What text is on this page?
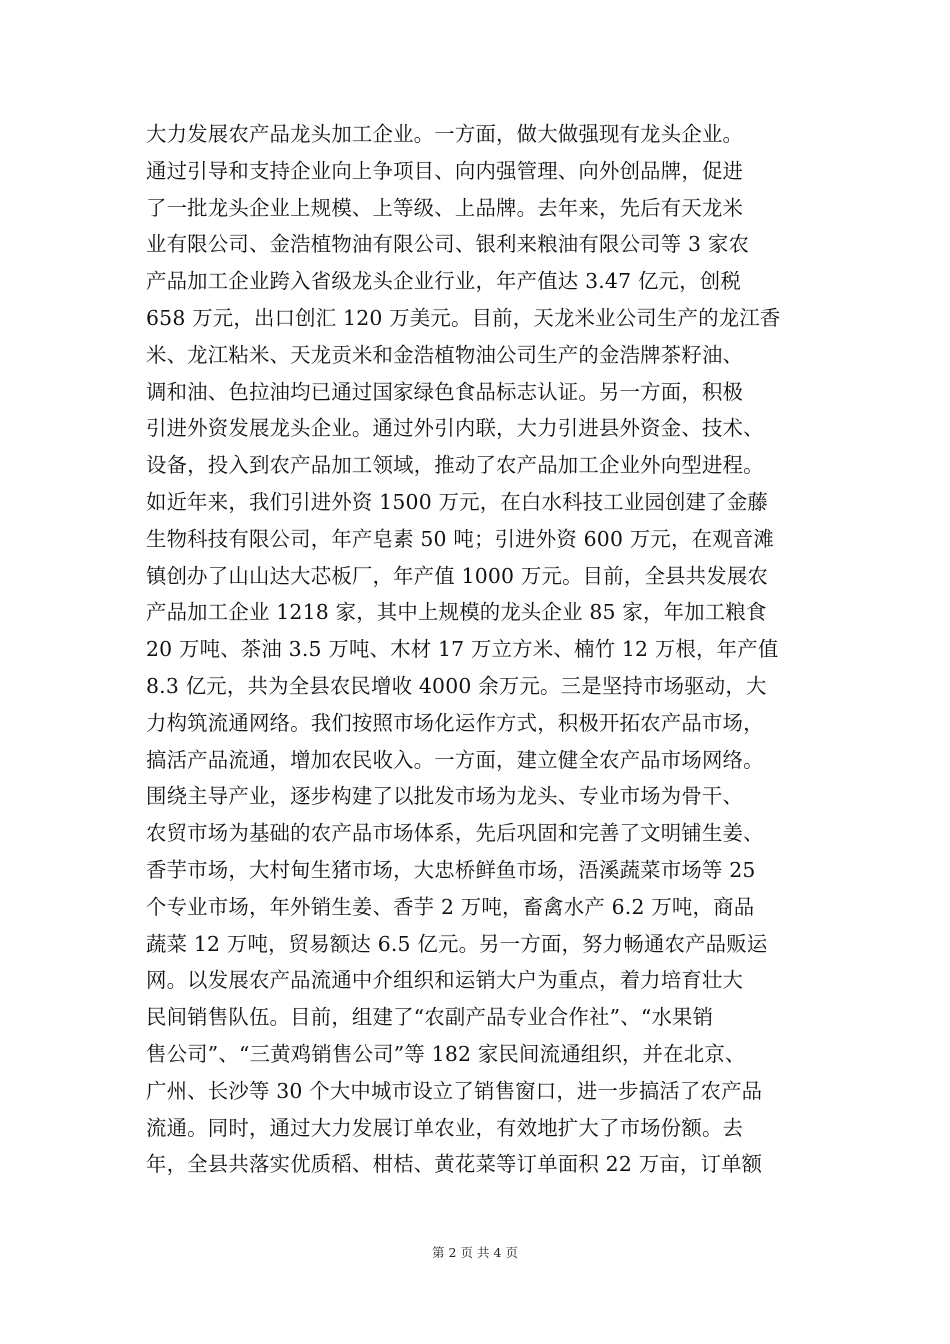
大力发展农产品龙头加工企业。一方面，做大做强现有龙头企业。
通过引导和支持企业向上争项目、向内强管理、向外创品牌，促进
了一批龙头企业上规模、上等级、上品牌。去年来，先后有天龙米
业有限公司、金浩植物油有限公司、银利来粮油有限公司等 3 家农
产品加工企业跨入省级龙头企业行业，年产值达 3.47 亿元，创税
658 万元，出口创汇 120 万美元。目前，天龙米业公司生产的龙江香
米、龙江粘米、天龙贡米和金浩植物油公司生产的金浩牌茶籽油、
调和油、色拉油均已通过国家绿色食品标志认证。另一方面，积极
引进外资发展龙头企业。通过外引内联，大力引进县外资金、技术、
设备，投入到农产品加工领域，推动了农产品加工企业外向型进程。
如近年来，我们引进外资 1500 万元，在白水科技工业园创建了金藤
生物科技有限公司，年产皂素 50 吨；引进外资 600 万元，在观音滩
镇创办了山山达大芯板厂，年产值 1000 万元。目前，全县共发展农
产品加工企业 1218 家，其中上规模的龙头企业 85 家，年加工粮食
20 万吨、茶油 3.5 万吨、木材 17 万立方米、楠竹 12 万根，年产值
8.3 亿元，共为全县农民增收 4000 余万元。三是坚持市场驱动，大
力构筑流通网络。我们按照市场化运作方式，积极开拓农产品市场，
搞活产品流通，增加农民收入。一方面，建立健全农产品市场网络。
围绕主导产业，逐步构建了以批发市场为龙头、专业市场为骨干、
农贸市场为基础的农产品市场体系，先后巩固和完善了文明铺生姜、
香芋市场，大村甸生猪市场，大忠桥鲜鱼市场，浯溪蔬菜市场等 25
个专业市场，年外销生姜、香芋 2 万吨，畜禽水产 6.2 万吨，商品
蔬菜 12 万吨，贸易额达 6.5 亿元。另一方面，努力畅通农产品贩运
网。以发展农产品流通中介组织和运销大户为重点，着力培育壮大
民间销售队伍。目前，组建了“农副产品专业合作社”、“水果销
售公司”、“三黄鸡销售公司”等 182 家民间流通组织，并在北京、
广州、长沙等 30 个大中城市设立了销售窗口，进一步搞活了农产品
流通。同时，通过大力发展订单农业，有效地扩大了市场份额。去
年，全县共落实优质稻、柑桔、黄花菜等订单面积 22 万亩，订单额
第 2 页 共 4 页
